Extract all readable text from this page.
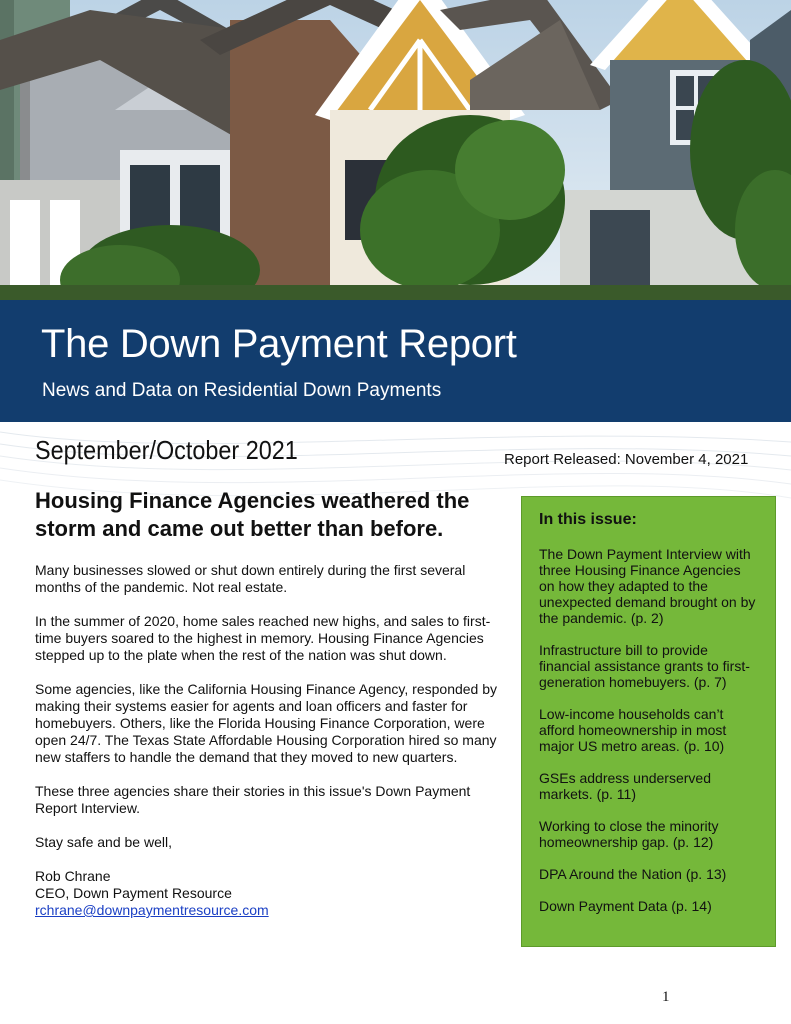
The Down Payment Report
News and Data on Residential Down Payments
September/October 2021	Report Released: November 4, 2021
Housing Finance Agencies weathered the storm and came out better than before.

Many businesses slowed or shut down entirely during the first several months of the pandemic. Not real estate.

In the summer of 2020, home sales reached new highs, and sales to first-time buyers soared to the highest in memory. Housing Finance Agencies stepped up to the plate when the rest of the nation was shut down.

Some agencies, like the California Housing Finance Agency, responded by making their systems easier for agents and loan officers and faster for homebuyers. Others, like the Florida Housing Finance Corporation, were open 24/7. The Texas State Affordable Housing Corporation hired so many new staffers to handle the demand that they moved to new quarters.

These three agencies share their stories in this issue's Down Payment Report Interview.

Stay safe and be well,

Rob Chrane

CEO, Down Payment Resource

rchrane@downpaymentresource.com

In this issue:
The Down Payment Interview with three Housing Finance Agencies on how they adapted to the unexpected demand brought on by the pandemic. (p. 2)
Infrastructure bill to provide financial assistance grants to first-generation homebuyers. (p. 7)
Low-income households can’t afford homeownership in most major US metro areas. (p. 10)
GSEs address underserved markets. (p. 11)
Working to close the minority homeownership gap. (p. 12)
DPA Around the Nation (p. 13)
Down Payment Data (p. 14)
1
